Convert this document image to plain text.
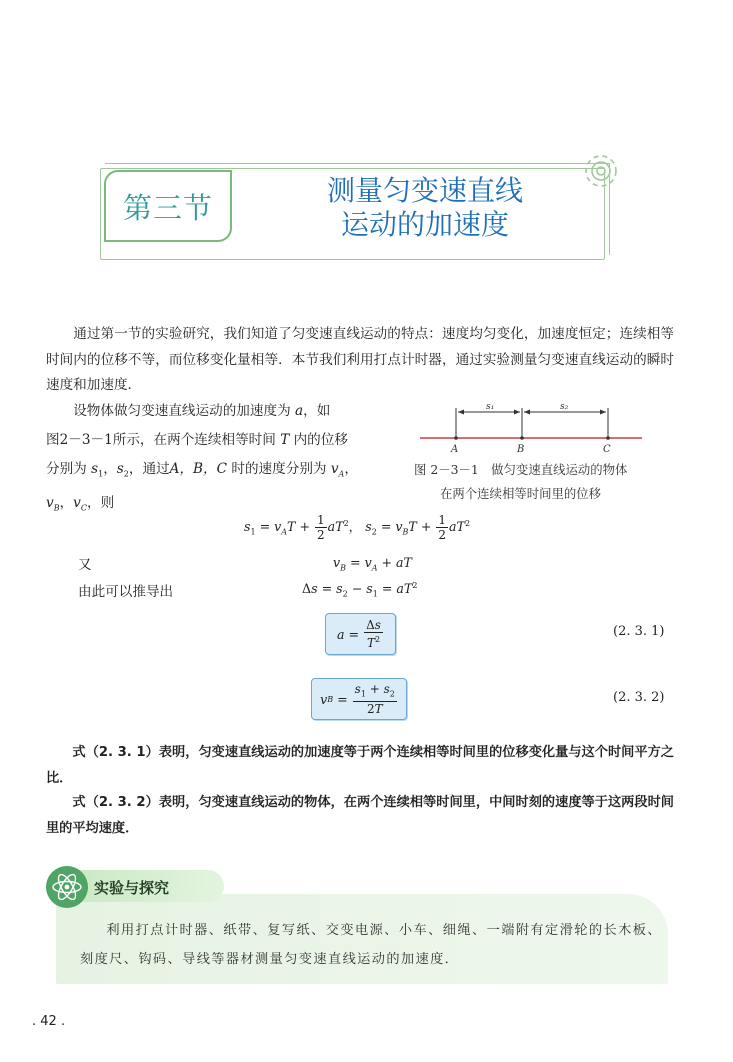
第三节	测量匀变速直线
运动的加速度
通过第一节的实验研究，我们知道了匀变速直线运动的特点：速度均匀变化，加速度恒定；连续相等时间内的位移不等，而位移变化量相等．本节我们利用打点计时器，通过实验测量匀变速直线运动的瞬时速度和加速度．
设物体做匀变速直线运动的加速度为 a，如
图2－3－1所示，在两个连续相等时间 T 内的位移
分别为 $s_1$，$s_2$，通过A，B，C 时的速度分别为 $v_A$，
$v_B$，$v_C$，则
s₁	s₂
A	B	C
图 2－3－1　做匀变速直线运动的物体
在两个连续相等时间里的位移
$s_1 = v_AT + \frac{1}{2} aT^2$， $s_2 = v_BT + \frac{1}{2} aT^2$
又	$v_B = v_A$ + aT
由此可以推导出	$\Delta s = s_2 - s_1 = aT^2$
$a = \frac{\Delta s}{T^2}$	(2. 3. 1)
v $B = \frac{s_1 + s_2}{2T}$	(2. 3. 2)
式（2. 3. 1）表明，匀变速直线运动的加速度等于两个连续相等时间里的位移变化量与这个时间平方之比．
式（2. 3. 2）表明，匀变速直线运动的物体，在两个连续相等时间里，中间时刻的速度等于这两段时间里的平均速度．
实验与探究
利用打点计时器、纸带、复写纸、交变电源、小车、细绳、一端附有定滑轮的长木板、刻度尺、钩码、导线等器材测量匀变速直线运动的加速度．
. 42 .
